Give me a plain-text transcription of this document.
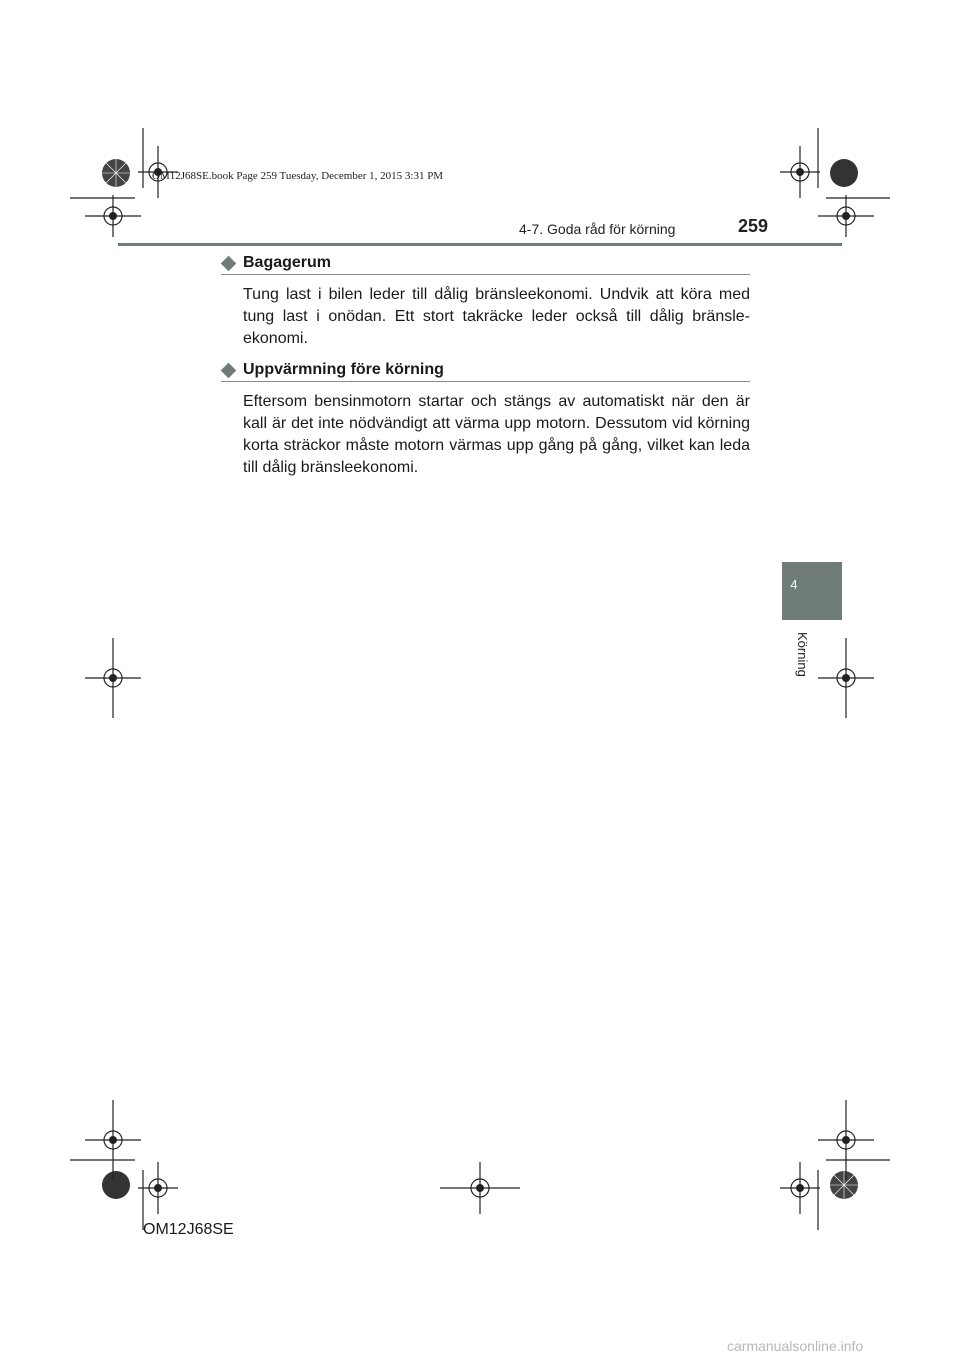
OM12J68SE.book Page 259 Tuesday, December 1, 2015 3:31 PM
4-7. Goda råd för körning	259
Bagagerum

Tung last i bilen leder till dålig bränsleekonomi. Undvik att köra med tung last i onödan. Ett stort takräcke leder också till dålig bränsle-ekonomi.

Uppvärmning före körning

Eftersom bensinmotorn startar och stängs av automatiskt när den är kall är det inte nödvändigt att värma upp motorn. Dessutom vid körning korta sträckor måste motorn värmas upp gång på gång, vilket kan leda till dålig bränsleekonomi.

4
Körning
OM12J68SE
carmanualsonline.info
